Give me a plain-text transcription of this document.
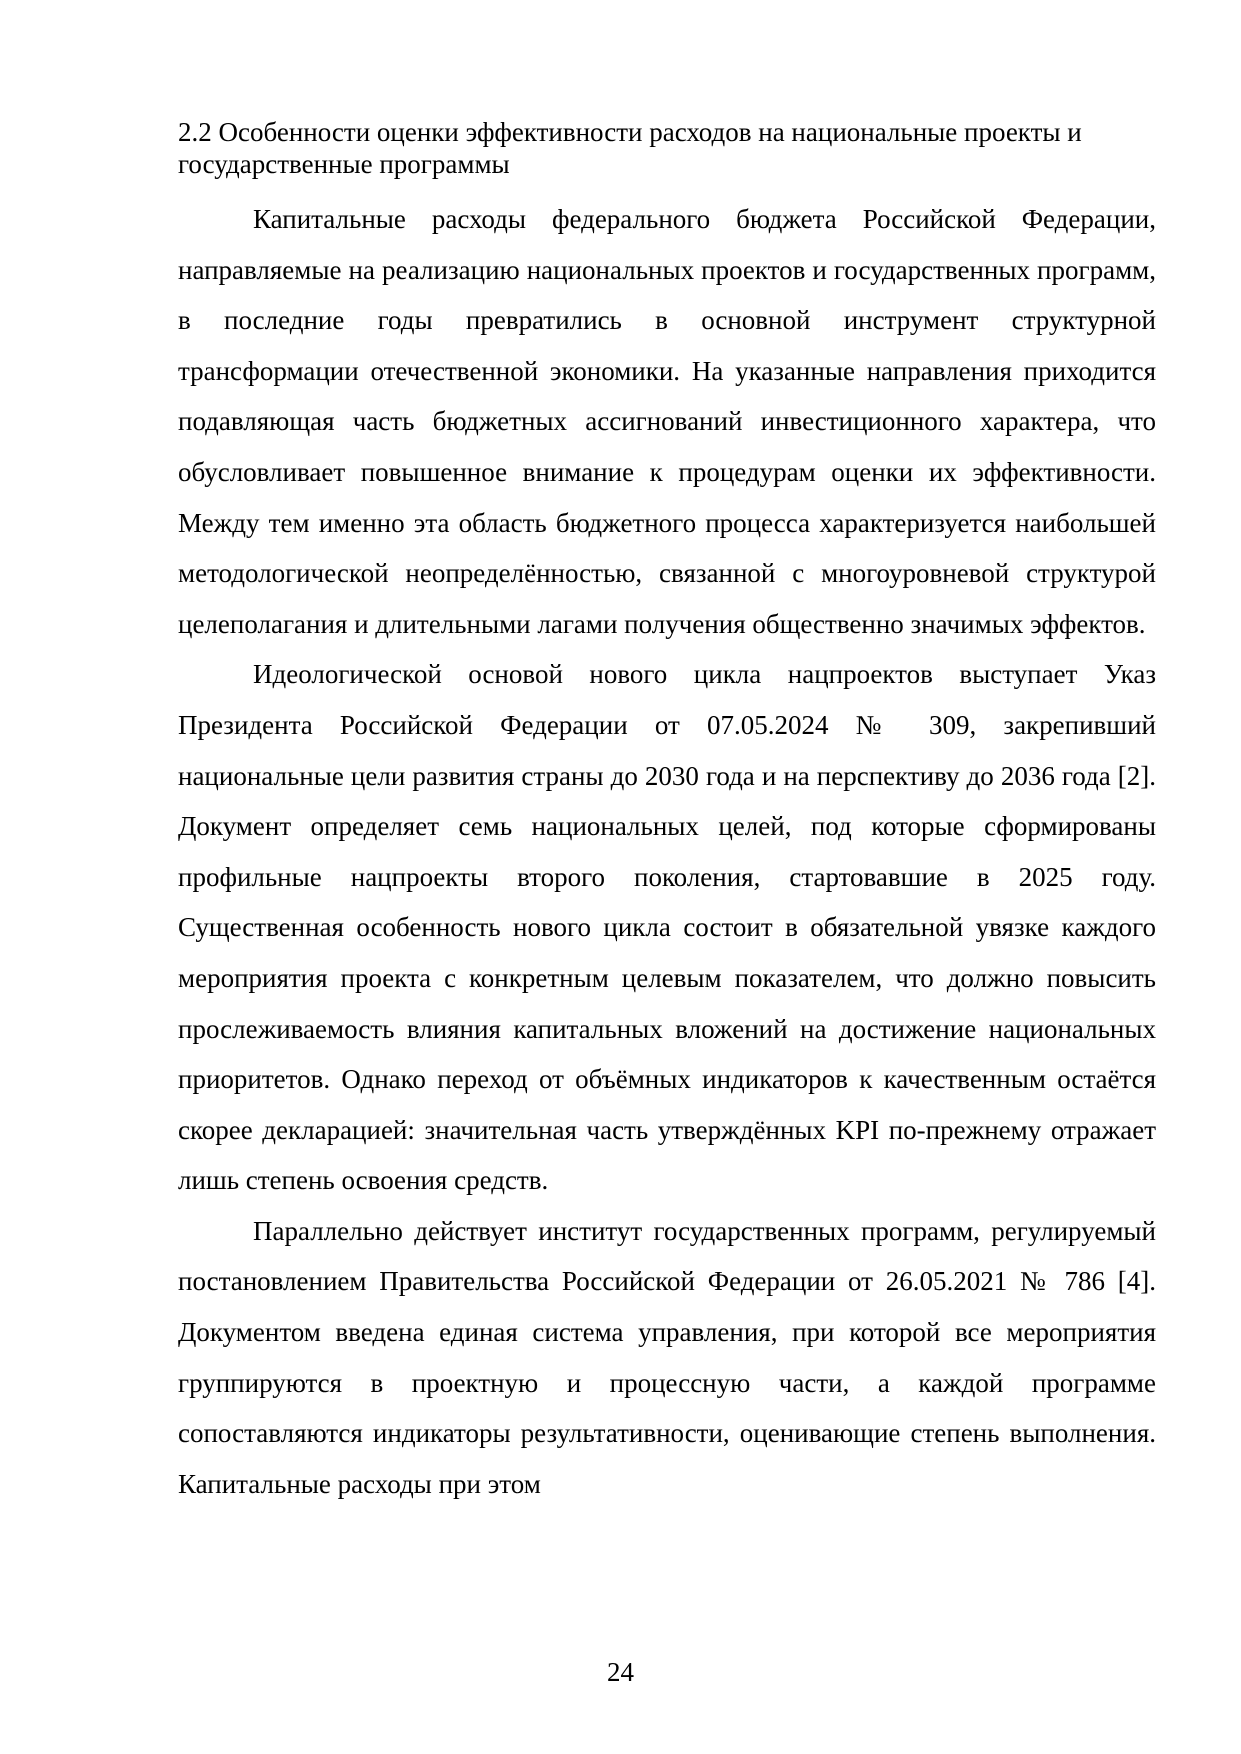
2.2 Особенности оценки эффективности расходов на национальные проекты и государственные программы

Капитальные расходы федерального бюджета Российской Федерации, направляемые на реализацию национальных проектов и государственных программ, в последние годы превратились в основной инструмент структурной трансформации отечественной экономики. На указанные направления приходится подавляющая часть бюджетных ассигнований инвестиционного характера, что обусловливает повышенное внимание к процедурам оценки их эффективности. Между тем именно эта область бюджетного процесса характеризуется наибольшей методологической неопределённостью, связанной с многоуровневой структурой целеполагания и длительными лагами получения общественно значимых эффектов.

Идеологической основой нового цикла нацпроектов выступает Указ Президента Российской Федерации от 07.05.2024 № 309, закрепивший национальные цели развития страны до 2030 года и на перспективу до 2036 года [2]. Документ определяет семь национальных целей, под которые сформированы профильные нацпроекты второго поколения, стартовавшие в 2025 году. Существенная особенность нового цикла состоит в обязательной увязке каждого мероприятия проекта с конкретным целевым показателем, что должно повысить прослеживаемость влияния капитальных вложений на достижение национальных приоритетов. Однако переход от объёмных индикаторов к качественным остаётся скорее декларацией: значительная часть утверждённых KPI по-прежнему отражает лишь степень освоения средств.

Параллельно действует институт государственных программ, регулируемый постановлением Правительства Российской Федерации от 26.05.2021 № 786 [4]. Документом введена единая система управления, при которой все мероприятия группируются в проектную и процессную части, а каждой программе сопоставляются индикаторы результативности, оценивающие степень выполнения. Капитальные расходы при этом

24
